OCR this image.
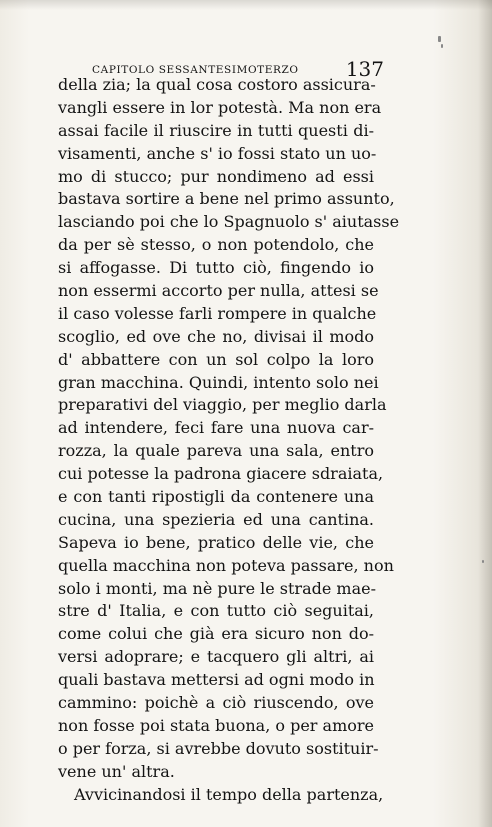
CAPITOLO SESSANTESIMOTERZO 137
della zia; la qual cosa costoro assicura-
vangli essere in lor potestà. Ma non era
assai facile il riuscire in tutti questi di-
visamenti, anche s' io fossi stato un uo-
mo di stucco; pur nondimeno ad essi
bastava sortire a bene nel primo assunto,
lasciando poi che lo Spagnuolo s' aiutasse
da per sè stesso, o non potendolo, che
si affogasse. Di tutto ciò, fingendo io
non essermi accorto per nulla, attesi se
il caso volesse farli rompere in qualche
scoglio, ed ove che no, divisai il modo
d' abbattere con un sol colpo la loro
gran macchina. Quindi, intento solo nei
preparativi del viaggio, per meglio darla
ad intendere, feci fare una nuova car-
rozza, la quale pareva una sala, entro
cui potesse la padrona giacere sdraiata,
e con tanti ripostigli da contenere una
cucina, una spezieria ed una cantina.
Sapeva io bene, pratico delle vie, che
quella macchina non poteva passare, non
solo i monti, ma nè pure le strade mae-
stre d' Italia, e con tutto ciò seguitai,
come colui che già era sicuro non do-
versi adoprare; e tacquero gli altri, ai
quali bastava mettersi ad ogni modo in
cammino: poichè a ciò riuscendo, ove
non fosse poi stata buona, o per amore
o per forza, si avrebbe dovuto sostituir-
vene un' altra.
Avvicinandosi il tempo della partenza,
